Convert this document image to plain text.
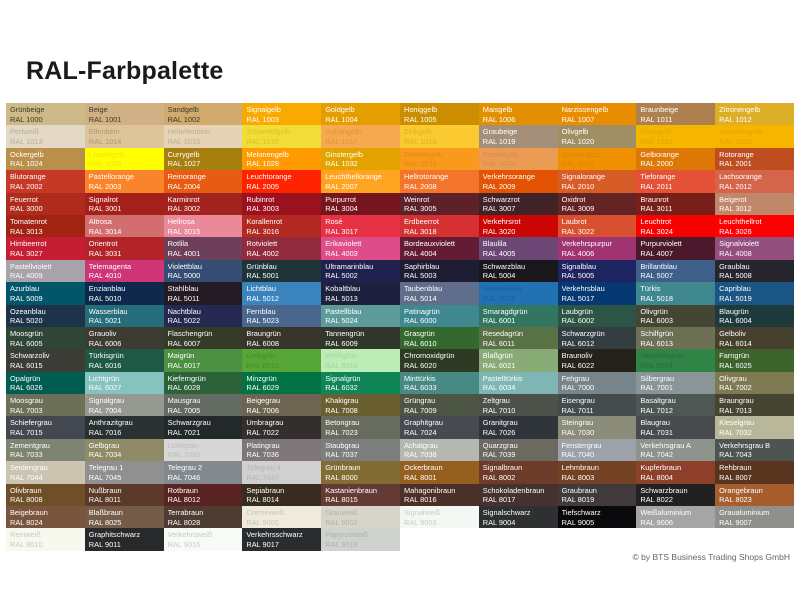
RAL-Farbpalette
Grünbeige
RAL 1000
Beige
RAL 1001
Sandgelb
RAL 1002
Signalgelb
RAL 1003
Goldgelb
RAL 1004
Honiggelb
RAL 1005
Maisgelb
RAL 1006
Narzissengelb
RAL 1007
Braunbeige
RAL 1011
Zitronengelb
RAL 1012
Perlweiß
RAL 1013
Elfenbein
RAL 1014
Hellelfenbein
RAL 1015
Schwefelgelb
RAL 1016
Safrangelb
RAL 1017
Zinkgelb
RAL 1018
Graubeige
RAL 1019
Olivgelb
RAL 1020
Rapsgelb
RAL 1021
Verkehrsgelb
RAL 1023
Ockergelb
RAL 1024
Leuchtgelb
RAL 1026
Currygelb
RAL 1027
Melonengelb
RAL 1028
Ginstergelb
RAL 1032
Dahliengelb
RAL 1033
Pastellgelb
RAL 1034
Sonnengelb
RAL 1037
Gelborange
RAL 2000
Rotorange
RAL 2001
Blutorange
RAL 2002
Pastellorange
RAL 2003
Reinorange
RAL 2004
Leuchtorange
RAL 2005
Leuchthellorange
RAL 2007
Hellrotorange
RAL 2008
Verkehrsorange
RAL 2009
Signalorange
RAL 2010
Tieforange
RAL 2011
Lachsorange
RAL 2012
Feuerrot
RAL 3000
Signalrot
RAL 3001
Karminrot
RAL 3002
Rubinrot
RAL 3003
Purpurrot
RAL 3004
Weinrot
RAL 3005
Schwarzrot
RAL 3007
Oxidrot
RAL 3009
Braunrot
RAL 3011
Beigerot
RAL 3012
Tomatenrot
RAL 3013
Altrosa
RAL 3014
Hellrosa
RAL 3015
Korallenrot
RAL 3016
Rosé
RAL 3017
Erdbeerrot
RAL 3018
Verkehrsrot
RAL 3020
Laubrot
RAL 3022
Leuchtrot
RAL 3024
Leuchthellrot
RAL 3026
Himbeerrot
RAL 3027
Orientrot
RAL 3031
Rotlila
RAL 4001
Rotviolett
RAL 4002
Erikaviolett
RAL 4003
Bordeauxviolett
RAL 4004
Blaulila
RAL 4005
Verkehrspurpur
RAL 4006
Purpurviolett
RAL 4007
Signalviolett
RAL 4008
Pastellviolett
RAL 4009
Telemagenta
RAL 4010
Violettblau
RAL 5000
Grünblau
RAL 5001
Ultramarinblau
RAL 5002
Saphirblau
RAL 5003
Schwarzblau
RAL 5004
Signalblau
RAL 5005
Brillantblau
RAL 5007
Graublau
RAL 5008
Azurblau
RAL 5009
Enzianblau
RAL 5010
Stahlblau
RAL 5011
Lichtblau
RAL 5012
Kobaltblau
RAL 5013
Taubenblau
RAL 5014
Himmelblau
RAL 5015
Verkehrsblau
RAL 5017
Türkis
RAL 5018
Capriblau
RAL 5019
Ozeanblau
RAL 5020
Wasserblau
RAL 5021
Nachtblau
RAL 5022
Fernblau
RAL 5023
Pastellblau
RAL 5024
Patinagrün
RAL 6000
Smaragdgrün
RAL 6001
Laubgrün
RAL 6002
Olivgrün
RAL 6003
Blaugrün
RAL 6004
Moosgrün
RAL 6005
Grauoliv
RAL 6006
Flaschengrün
RAL 6007
Braungrün
RAL 6008
Tannengrün
RAL 6009
Grasgrün
RAL 6010
Resedagrün
RAL 6011
Schwarzgrün
RAL 6012
Schilfgrün
RAL 6013
Gelboliv
RAL 6014
Schwarzoliv
RAL 6015
Türkisgrün
RAL 6016
Maigrün
RAL 6017
Gelbgrün
RAL 6018
Weißgrün
RAL 6019
Chromoxidgrün
RAL 6020
Blaßgrün
RAL 6021
Braunoliv
RAL 6022
Verkehrsgrün
RAL 6024
Farngrün
RAL 6025
Opalgrün
RAL 6026
Lichtgrün
RAL 6027
Kieferngrün
RAL 6028
Minzgrün
RAL 6029
Signalgrün
RAL 6032
Minttürkis
RAL 6033
Pastelltürkis
RAL 6034
Fehgrau
RAL 7000
Silbergrau
RAL 7001
Olivgrau
RAL 7002
Moosgrau
RAL 7003
Signalgrau
RAL 7004
Mausgrau
RAL 7005
Beigegrau
RAL 7006
Khakigrau
RAL 7008
Grüngrau
RAL 7009
Zeltgrau
RAL 7010
Eisengrau
RAL 7011
Basaltgrau
RAL 7012
Braungrau
RAL 7013
Schiefergrau
RAL 7015
Anthrazitgrau
RAL 7016
Schwarzgrau
RAL 7021
Umbragrau
RAL 7022
Betongrau
RAL 7023
Graphitgrau
RAL 7024
Granitgrau
RAL 7026
Steingrau
RAL 7030
Blaugrau
RAL 7031
Kieselgrau
RAL 7032
Zementgrau
RAL 7033
Gelbgrau
RAL 7034
Lichtgrau
RAL 7035
Platingrau
RAL 7036
Staubgrau
RAL 7037
Achatgrau
RAL 7038
Quarzgrau
RAL 7039
Fenstergrau
RAL 7040
Verkehrsgrau A
RAL 7042
Verkehrsgrau B
RAL 7043
Seidengrau
RAL 7044
Telegrau 1
RAL 7045
Telegrau 2
RAL 7046
Telegrau 4
RAL 7047
Grünbraun
RAL 8000
Ockerbraun
RAL 8001
Signalbraun
RAL 8002
Lehmbraun
RAL 8003
Kupferbraun
RAL 8004
Rehbraun
RAL 8007
Olivbraun
RAL 8008
Nußbraun
RAL 8011
Rotbraun
RAL 8012
Sepiabraun
RAL 8014
Kastanienbraun
RAL 8015
Mahagonibraun
RAL 8016
Schokoladenbraun
RAL 8017
Graubraun
RAL 8019
Schwarzbraun
RAL 8022
Orangebraun
RAL 8023
Beigebraun
RAL 8024
Blaßbraun
RAL 8025
Terrabraun
RAL 8028
Cremeweiß
RAL 9001
Grauweiß
RAL 9002
Signalweiß
RAL 9003
Signalschwarz
RAL 9004
Tiefschwarz
RAL 9005
Weißaluminium
RAL 9006
Graualuminium
RAL 9007
Reinweiß
RAL 9010
Graphitschwarz
RAL 9011
Verkehrsweiß
RAL 9016
Verkehrsschwarz
RAL 9017
Papyrusweiß
RAL 9018
© by BTS Business Trading Shops GmbH
